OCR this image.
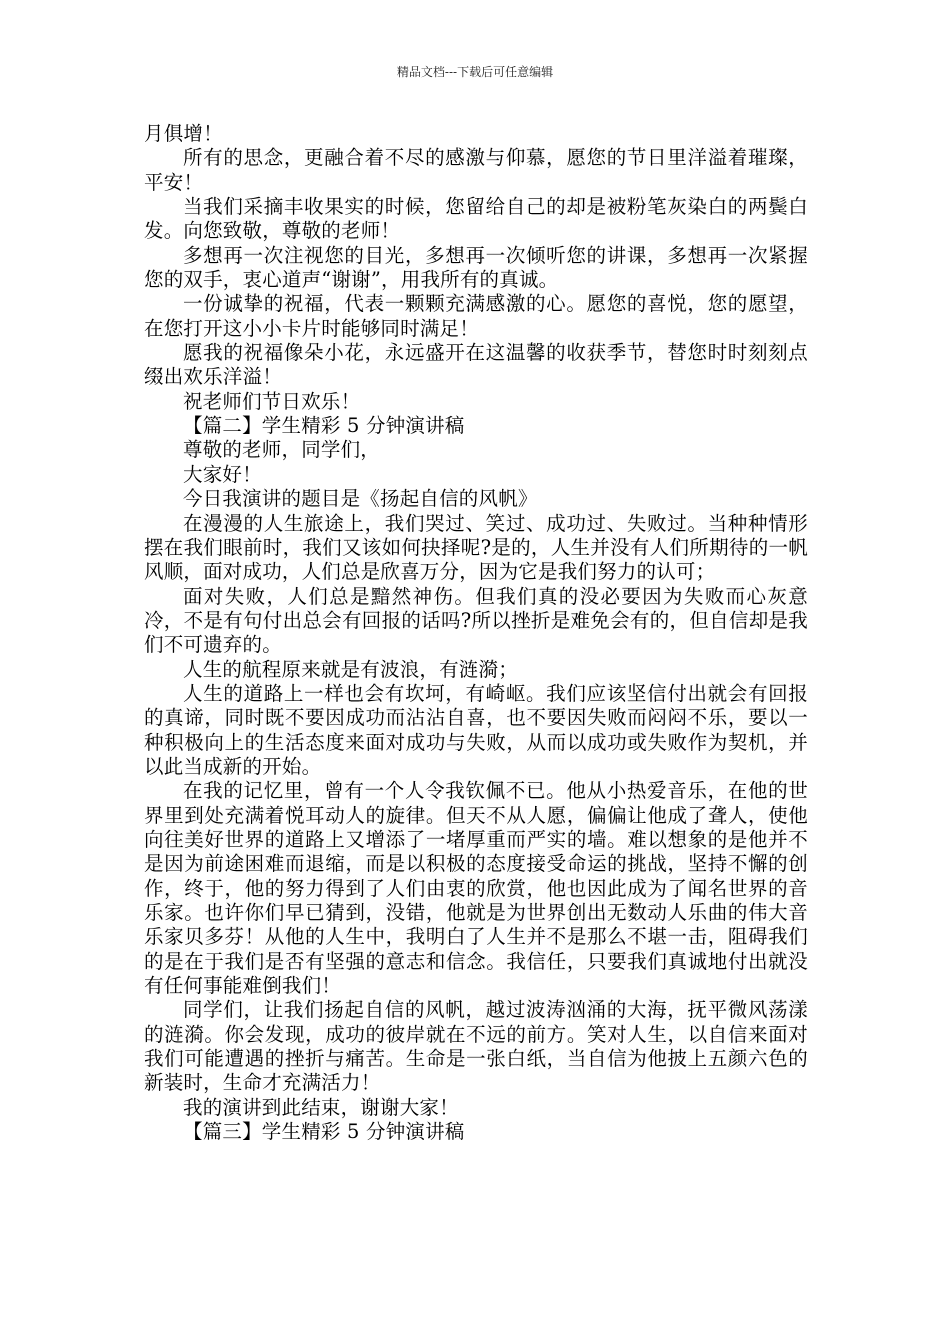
精品文档---下载后可任意编辑

月俱增！

所有的思念，更融合着不尽的感激与仰慕，愿您的节日里洋溢着璀璨，平安！

当我们采摘丰收果实的时候，您留给自己的却是被粉笔灰染白的两鬓白发。向您致敬，尊敬的老师！

多想再一次注视您的目光，多想再一次倾听您的讲课，多想再一次紧握您的双手，衷心道声“谢谢”，用我所有的真诚。

一份诚挚的祝福，代表一颗颗充满感激的心。愿您的喜悦，您的愿望，在您打开这小小卡片时能够同时满足！

愿我的祝福像朵小花，永远盛开在这温馨的收获季节，替您时时刻刻点缀出欢乐洋溢！

祝老师们节日欢乐！

【篇二】学生精彩 5 分钟演讲稿

尊敬的老师，同学们，

大家好！

今日我演讲的题目是《扬起自信的风帆》

在漫漫的人生旅途上，我们哭过、笑过、成功过、失败过。当种种情形摆在我们眼前时，我们又该如何抉择呢?是的，人生并没有人们所期待的一帆风顺，面对成功，人们总是欣喜万分，因为它是我们努力的认可；

面对失败，人们总是黯然神伤。但我们真的没必要因为失败而心灰意冷，不是有句付出总会有回报的话吗?所以挫折是难免会有的，但自信却是我们不可遗弃的。

人生的航程原来就是有波浪，有涟漪；

人生的道路上一样也会有坎坷，有崎岖。我们应该坚信付出就会有回报的真谛，同时既不要因成功而沾沾自喜，也不要因失败而闷闷不乐，要以一种积极向上的生活态度来面对成功与失败，从而以成功或失败作为契机，并以此当成新的开始。

在我的记忆里，曾有一个人令我钦佩不已。他从小热爱音乐，在他的世界里到处充满着悦耳动人的旋律。但天不从人愿，偏偏让他成了聋人，使他向往美好世界的道路上又增添了一堵厚重而严实的墙。难以想象的是他并不是因为前途困难而退缩，而是以积极的态度接受命运的挑战，坚持不懈的创作，终于，他的努力得到了人们由衷的欣赏，他也因此成为了闻名世界的音乐家。也许你们早已猜到，没错，他就是为世界创出无数动人乐曲的伟大音乐家贝多芬！从他的人生中，我明白了人生并不是那么不堪一击，阻碍我们的是在于我们是否有坚强的意志和信念。我信任，只要我们真诚地付出就没有任何事能难倒我们！

同学们，让我们扬起自信的风帆，越过波涛汹涌的大海，抚平微风荡漾的涟漪。你会发现，成功的彼岸就在不远的前方。笑对人生，以自信来面对我们可能遭遇的挫折与痛苦。生命是一张白纸，当自信为他披上五颜六色的新装时，生命才充满活力！

我的演讲到此结束，谢谢大家！

【篇三】学生精彩 5 分钟演讲稿
